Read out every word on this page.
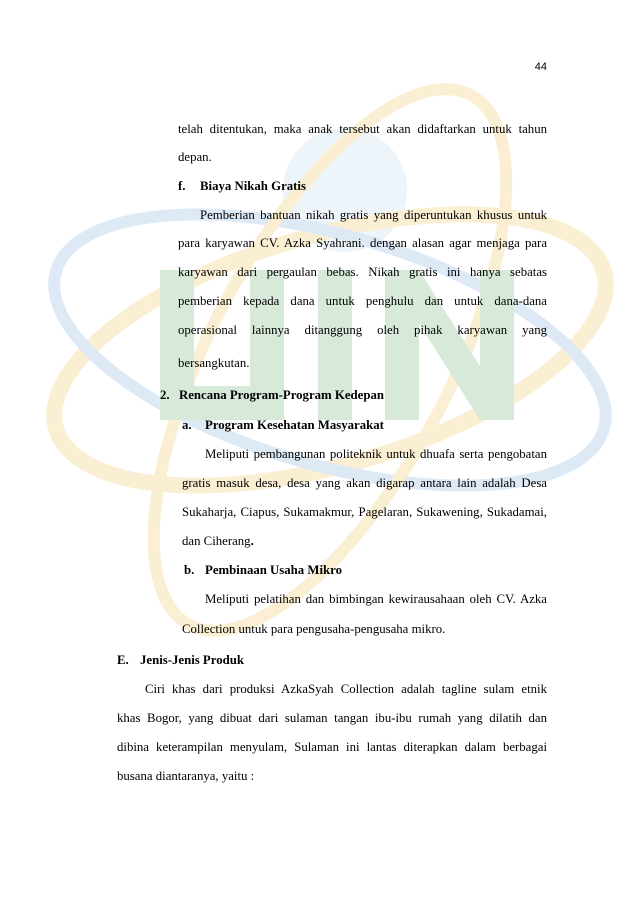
44
telah ditentukan, maka anak tersebut akan didaftarkan untuk tahun
depan.
f. Biaya Nikah Gratis
Pemberian bantuan nikah gratis yang diperuntukan khusus untuk
para karyawan CV. Azka Syahrani. dengan alasan agar menjaga para
karyawan dari pergaulan bebas. Nikah gratis ini hanya sebatas
pemberian kepada dana untuk penghulu dan untuk dana-dana
operasional lainnya ditanggung oleh pihak karyawan yang
bersangkutan.
2. Rencana Program-Program Kedepan
a. Program Kesehatan Masyarakat
Meliputi pembangunan politeknik untuk dhuafa serta pengobatan
gratis masuk desa, desa yang akan digarap antara lain adalah Desa
Sukaharja, Ciapus, Sukamakmur, Pagelaran, Sukawening, Sukadamai,
dan Ciherang.
b. Pembinaan Usaha Mikro
Meliputi pelatihan dan bimbingan kewirausahaan oleh CV. Azka
Collection untuk para pengusaha-pengusaha mikro.
E. Jenis-Jenis Produk
Ciri khas dari produksi AzkaSyah Collection adalah tagline sulam etnik
khas Bogor, yang dibuat dari sulaman tangan ibu-ibu rumah yang dilatih dan
dibina keterampilan menyulam, Sulaman ini lantas diterapkan dalam berbagai
busana diantaranya, yaitu :
